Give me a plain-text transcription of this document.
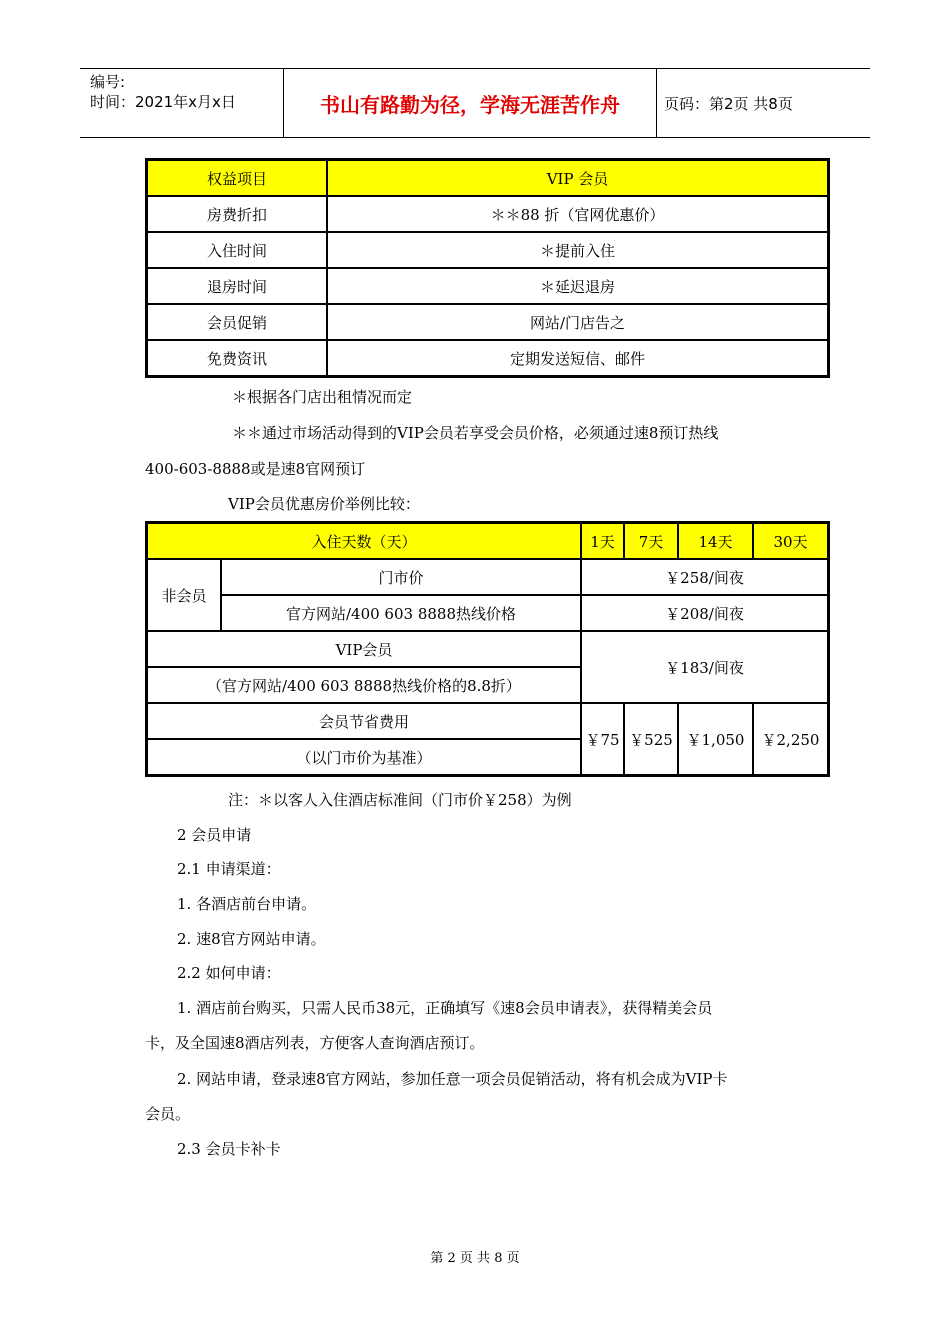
编号:
时间：2021年x月x日	书山有路勤为径，学海无涯苦作舟	页码：第2页 共8页
权益项目	VIP 会员
房费折扣	＊＊88 折（官网优惠价）
入住时间	＊提前入住
退房时间	＊延迟退房
会员促销	网站/门店告之
免费资讯	定期发送短信、邮件
＊根据各门店出租情况而定
＊＊通过市场活动得到的VIP会员若享受会员价格，必须通过速8预订热线
400-603-8888或是速8官网预订
VIP会员优惠房价举例比较：
入住天数（天）		1天	7天	14天	30天
非会员	门市价	￥258/间夜			
	官方网站/400 603 8888热线价格	￥208/间夜			
VIP会员		￥183/间夜			
（官方网站/400 603 8888热线价格的8.8折）					
会员节省费用		￥75	￥525	￥1,050	￥2,250
（以门市价为基准）					
注：＊以客人入住酒店标准间（门市价￥258）为例
2 会员申请
2.1 申请渠道：
1. 各酒店前台申请。
2. 速8官方网站申请。
2.2 如何申请：
1. 酒店前台购买，只需人民币38元，正确填写《速8会员申请表》，获得精美会员
卡，及全国速8酒店列表，方便客人查询酒店预订。
2. 网站申请，登录速8官方网站，参加任意一项会员促销活动，将有机会成为VIP卡
会员。
2.3 会员卡补卡
第 2 页 共 8 页
